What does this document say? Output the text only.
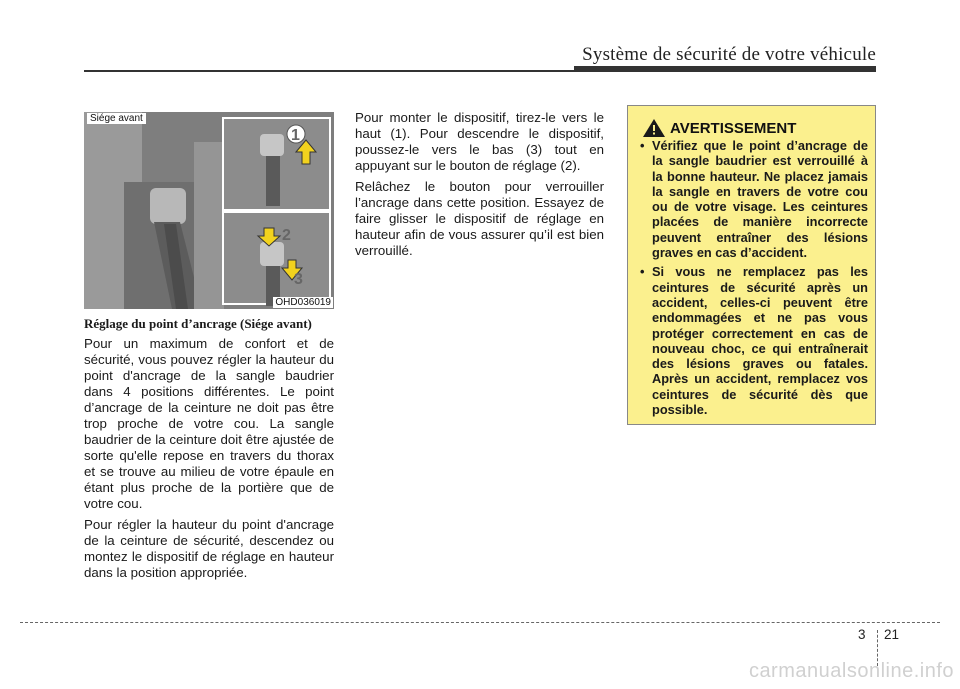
Système de sécurité de votre véhicule
1
2
3
Siége avant
OHD036019

Réglage du point d’ancrage (Siége avant)

Pour un maximum de confort et de sécurité, vous pouvez régler la hauteur du point d'ancrage de la sangle baudrier dans 4 positions différentes. Le point d’ancrage de la ceinture ne doit pas être trop proche de votre cou. La sangle baudrier de la ceinture doit être ajustée de sorte qu'elle repose en travers du thorax et se trouve au milieu de votre épaule en étant plus proche de la portière que de votre cou.

Pour régler la hauteur du point d'ancrage de la ceinture de sécurité, descendez ou montez le dispositif de réglage en hauteur dans la position appropriée.

Pour monter le dispositif, tirez-le vers le haut (1). Pour descendre le dispositif, poussez-le vers le bas (3) tout en appuyant sur le bouton de réglage (2).

Relâchez le bouton pour verrouiller l’ancrage dans cette position. Essayez de faire glisser le dispositif de réglage en hauteur afin de vous assurer qu’il est bien verrouillé.

AVERTISSEMENT
• Vérifiez que le point d’ancrage de la sangle baudrier est verrouillé à la bonne hauteur. Ne placez jamais la sangle en travers de votre cou ou de votre visage. Les ceintures placées de manière incorrecte peuvent entraîner des lésions graves en cas d’accident.
• Si vous ne remplacez pas les ceintures de sécurité après un accident, celles-ci peuvent être endommagées et ne pas vous protéger correctement en cas de nouveau choc, ce qui entraînerait des lésions graves ou fatales. Après un accident, remplacez vos ceintures de sécurité dès que possible.
3 21
carmanualsonline.info
